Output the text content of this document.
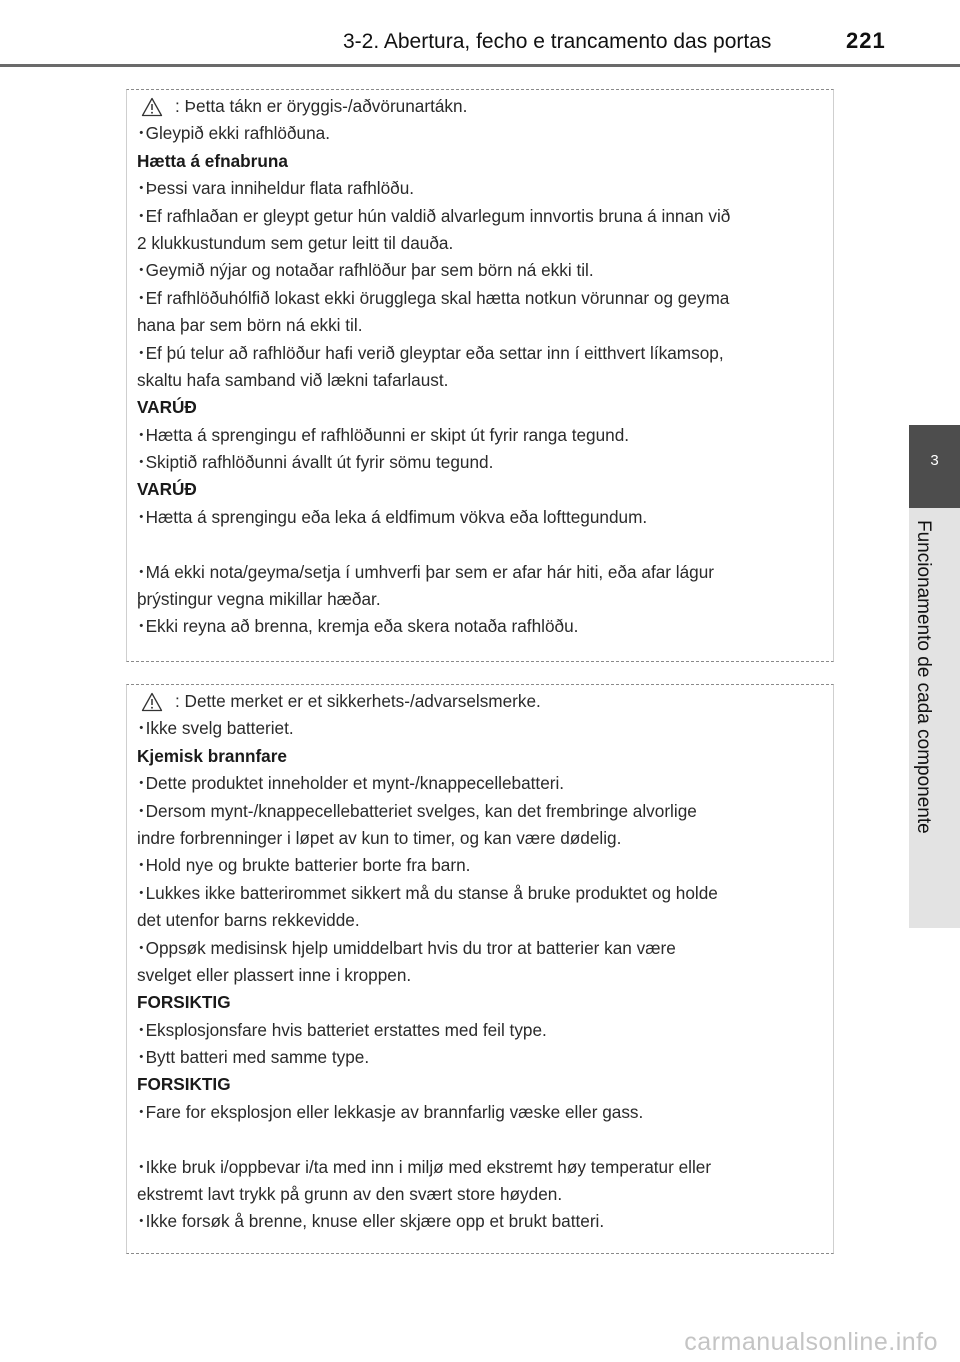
3-2. Abertura, fecho e trancamento das portas	221
3
Funcionamento de cada componente
: Þetta tákn er öryggis-/aðvörunartákn.
･Gleypið ekki rafhlöðuna.
Hætta á efnabruna
･Þessi vara inniheldur flata rafhlöðu.
･Ef rafhlaðan er gleypt getur hún valdið alvarlegum innvortis bruna á innan við
2 klukkustundum sem getur leitt til dauða.
･Geymið nýjar og notaðar rafhlöður þar sem börn ná ekki til.
･Ef rafhlöðuhólfið lokast ekki örugglega skal hætta notkun vörunnar og geyma
hana þar sem börn ná ekki til.
･Ef þú telur að rafhlöður hafi verið gleyptar eða settar inn í eitthvert líkamsop,
skaltu hafa samband við lækni tafarlaust.
VARÚÐ
･Hætta á sprengingu ef rafhlöðunni er skipt út fyrir ranga tegund.
･Skiptið rafhlöðunni ávallt út fyrir sömu tegund.
VARÚÐ
･Hætta á sprengingu eða leka á eldfimum vökva eða lofttegundum.
･Má ekki nota/geyma/setja í umhverfi þar sem er afar hár hiti, eða afar lágur
þrýstingur vegna mikillar hæðar.
･Ekki reyna að brenna, kremja eða skera notaða rafhlöðu.
: Dette merket er et sikkerhets-/advarselsmerke.
･Ikke svelg batteriet.
Kjemisk brannfare
･Dette produktet inneholder et mynt-/knappecellebatteri.
･Dersom mynt-/knappecellebatteriet svelges, kan det frembringe alvorlige
indre forbrenninger i løpet av kun to timer, og kan være dødelig.
･Hold nye og brukte batterier borte fra barn.
･Lukkes ikke batterirommet sikkert må du stanse å bruke produktet og holde
det utenfor barns rekkevidde.
･Oppsøk medisinsk hjelp umiddelbart hvis du tror at batterier kan være
svelget eller plassert inne i kroppen.
FORSIKTIG
･Eksplosjonsfare hvis batteriet erstattes med feil type.
･Bytt batteri med samme type.
FORSIKTIG
･Fare for eksplosjon eller lekkasje av brannfarlig væske eller gass.
･Ikke bruk i/oppbevar i/ta med inn i miljø med ekstremt høy temperatur eller
ekstremt lavt trykk på grunn av den svært store høyden.
･Ikke forsøk å brenne, knuse eller skjære opp et brukt batteri.
carmanualsonline.info
